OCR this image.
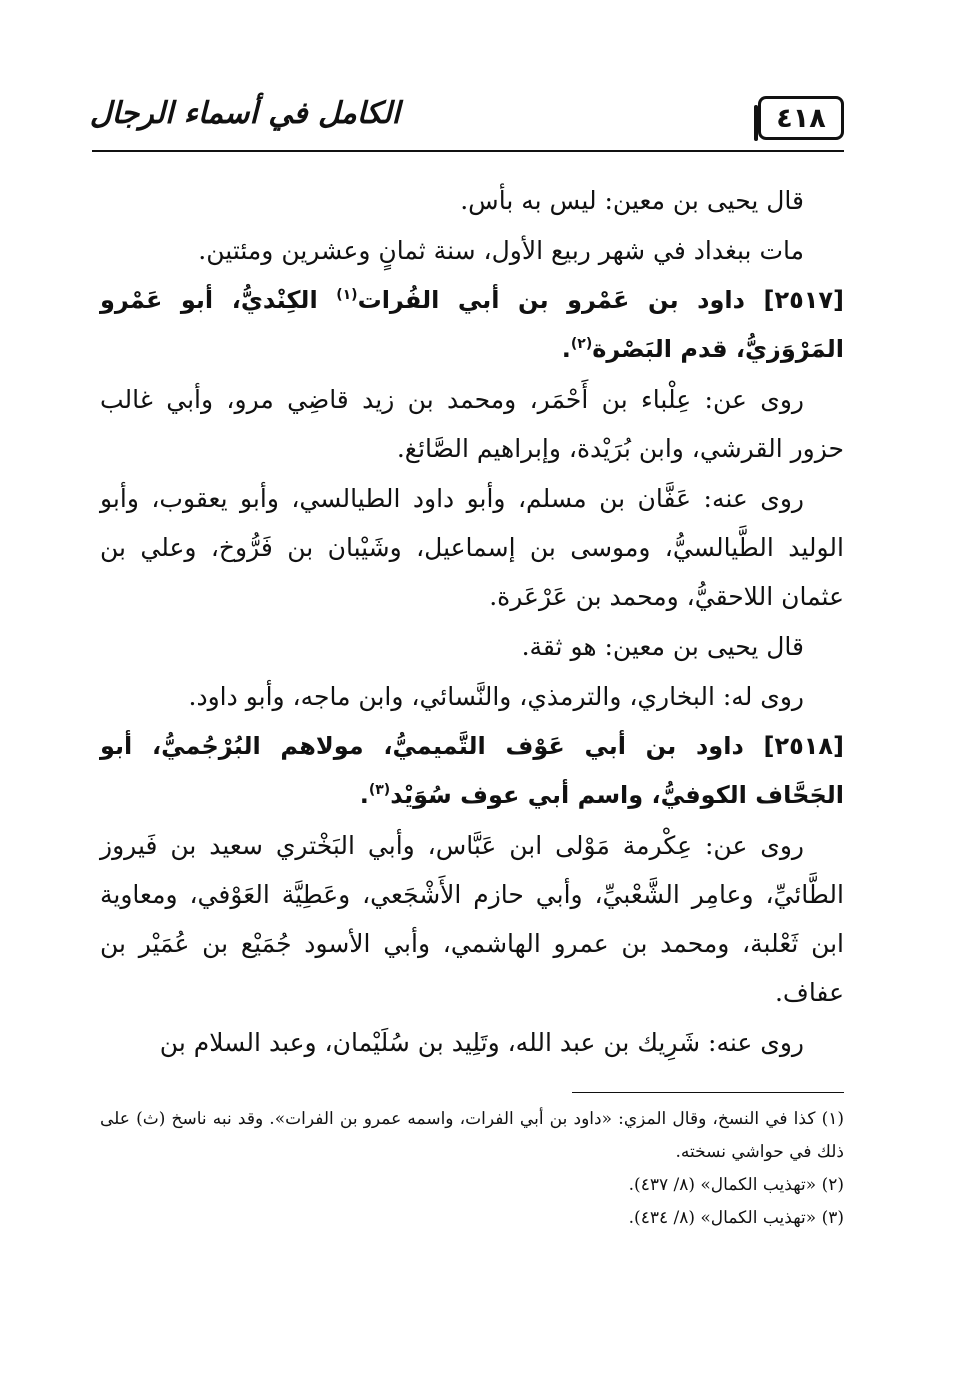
٤١٨
الكامل في أسماء الرجال

قال يحيى بن معين: ليس به بأس.

مات ببغداد في شهر ربيع الأول، سنة ثمانٍ وعشرين ومئتين.

[٢٥١٧] داود بن عَمْرو بن أبي الفُرات$^{(١)}$ الكِنْديُّ، أبو عَمْرو المَرْوَزيُّ، قدم البَصْرة$^{(٢)}$.

روى عن: عِلْباء بن أَحْمَر، ومحمد بن زيد قاضِي مرو، وأبي غالب حزور القرشي، وابن بُرَيْدة، وإبراهيم الصَّائغ.

روى عنه: عَفَّان بن مسلم، وأبو داود الطيالسي، وأبو يعقوب، وأبو الوليد الطَّيالسيُّ، وموسى بن إسماعيل، وشَيْبان بن فَرُّوخ، وعلي بن عثمان اللاحقيُّ، ومحمد بن عَرْعَرة.

قال يحيى بن معين: هو ثقة.

روى له: البخاري، والترمذي، والنَّسائي، وابن ماجه، وأبو داود.

[٢٥١٨] داود بن أبي عَوْف التَّميميُّ، مولاهم البُرْجُميُّ، أبو الجَحَّاف الكوفيُّ، واسم أبي عوف سُوَيْد$^{(٣)}$.

روى عن: عِكْرمة مَوْلى ابن عَبَّاس، وأبي البَخْتري سعيد بن فَيروز الطَّائيِّ، وعامِر الشَّعْبيِّ، وأبي حازم الأَشْجَعي، وعَطِيَّة العَوْفي، ومعاوية ابن ثَعْلبة، ومحمد بن عمرو الهاشمي، وأبي الأسود جُمَيْع بن عُمَيْر بن عفاف.

روى عنه: شَرِيك بن عبد الله، وتَلِيد بن سُلَيْمان، وعبد السلام بن

(١) كذا في النسخ، وقال المزي: «داود بن أبي الفرات، واسمه عمرو بن الفرات». وقد نبه ناسخ (ث) على ذلك في حواشي نسخته.

(٢) «تهذيب الكمال» (٨/ ٤٣٧).

(٣) «تهذيب الكمال» (٨/ ٤٣٤).
